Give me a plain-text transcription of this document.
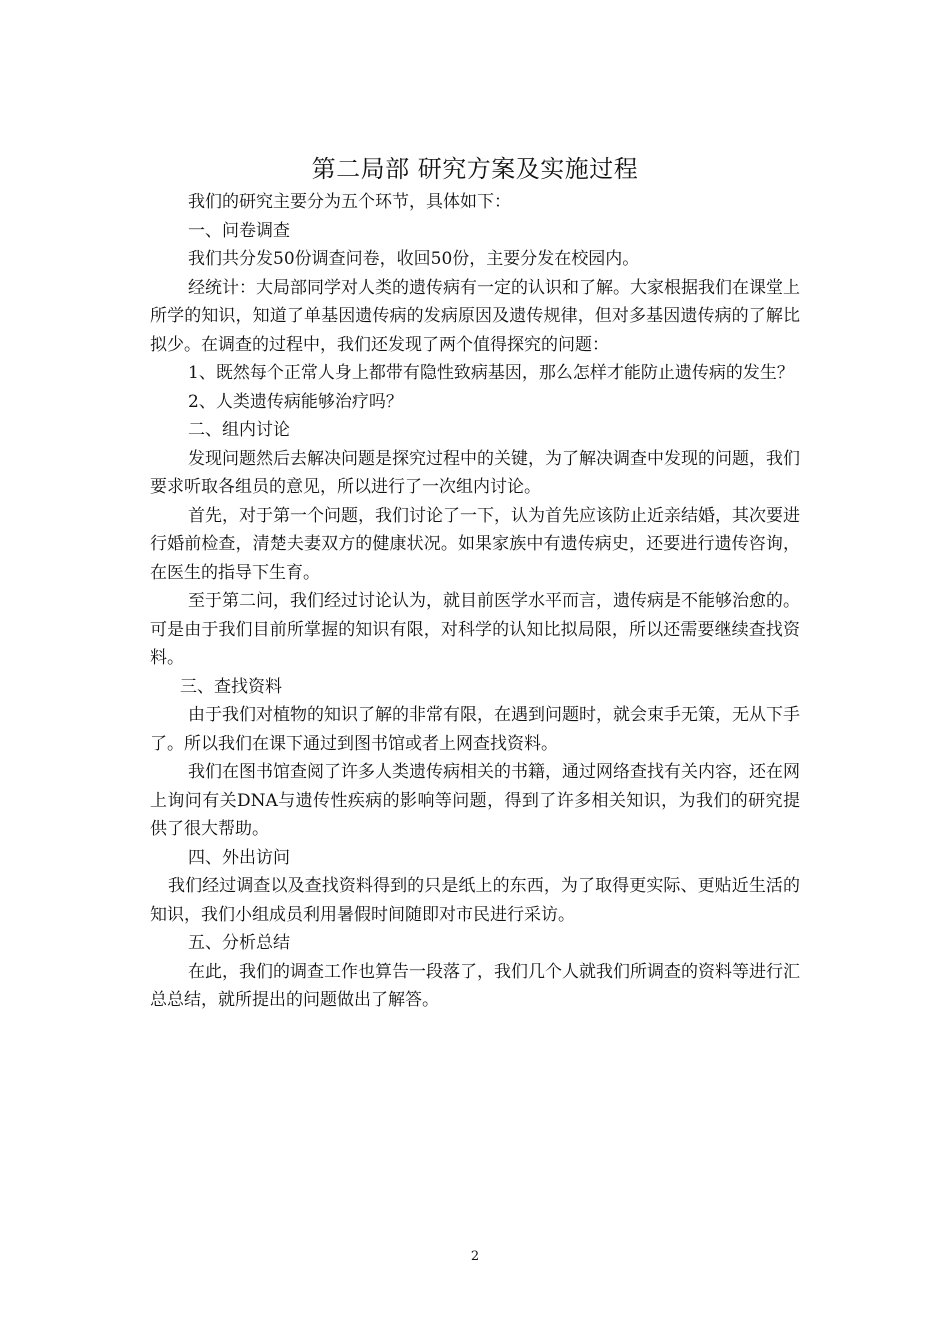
第二局部 研究方案及实施过程

我们的研究主要分为五个环节，具体如下：

一、问卷调查

我们共分发50份调查问卷，收回50份，主要分发在校园内。

经统计：大局部同学对人类的遗传病有一定的认识和了解。大家根据我们在课堂上所学的知识，知道了单基因遗传病的发病原因及遗传规律，但对多基因遗传病的了解比拟少。在调查的过程中，我们还发现了两个值得探究的问题：

1、既然每个正常人身上都带有隐性致病基因，那么怎样才能防止遗传病的发生？

2、人类遗传病能够治疗吗？

二、组内讨论

发现问题然后去解决问题是探究过程中的关键，为了解决调查中发现的问题，我们要求听取各组员的意见，所以进行了一次组内讨论。

首先，对于第一个问题，我们讨论了一下，认为首先应该防止近亲结婚，其次要进行婚前检查，清楚夫妻双方的健康状况。如果家族中有遗传病史，还要进行遗传咨询，在医生的指导下生育。

至于第二问，我们经过讨论认为，就目前医学水平而言，遗传病是不能够治愈的。可是由于我们目前所掌握的知识有限，对科学的认知比拟局限，所以还需要继续查找资料。

三、查找资料

由于我们对植物的知识了解的非常有限，在遇到问题时，就会束手无策，无从下手了。所以我们在课下通过到图书馆或者上网查找资料。

我们在图书馆查阅了许多人类遗传病相关的书籍，通过网络查找有关内容，还在网上询问有关DNA与遗传性疾病的影响等问题，得到了许多相关知识，为我们的研究提供了很大帮助。

四、外出访问

我们经过调查以及查找资料得到的只是纸上的东西，为了取得更实际、更贴近生活的知识，我们小组成员利用暑假时间随即对市民进行采访。

五、分析总结

在此，我们的调查工作也算告一段落了，我们几个人就我们所调查的资料等进行汇总总结，就所提出的问题做出了解答。

2
